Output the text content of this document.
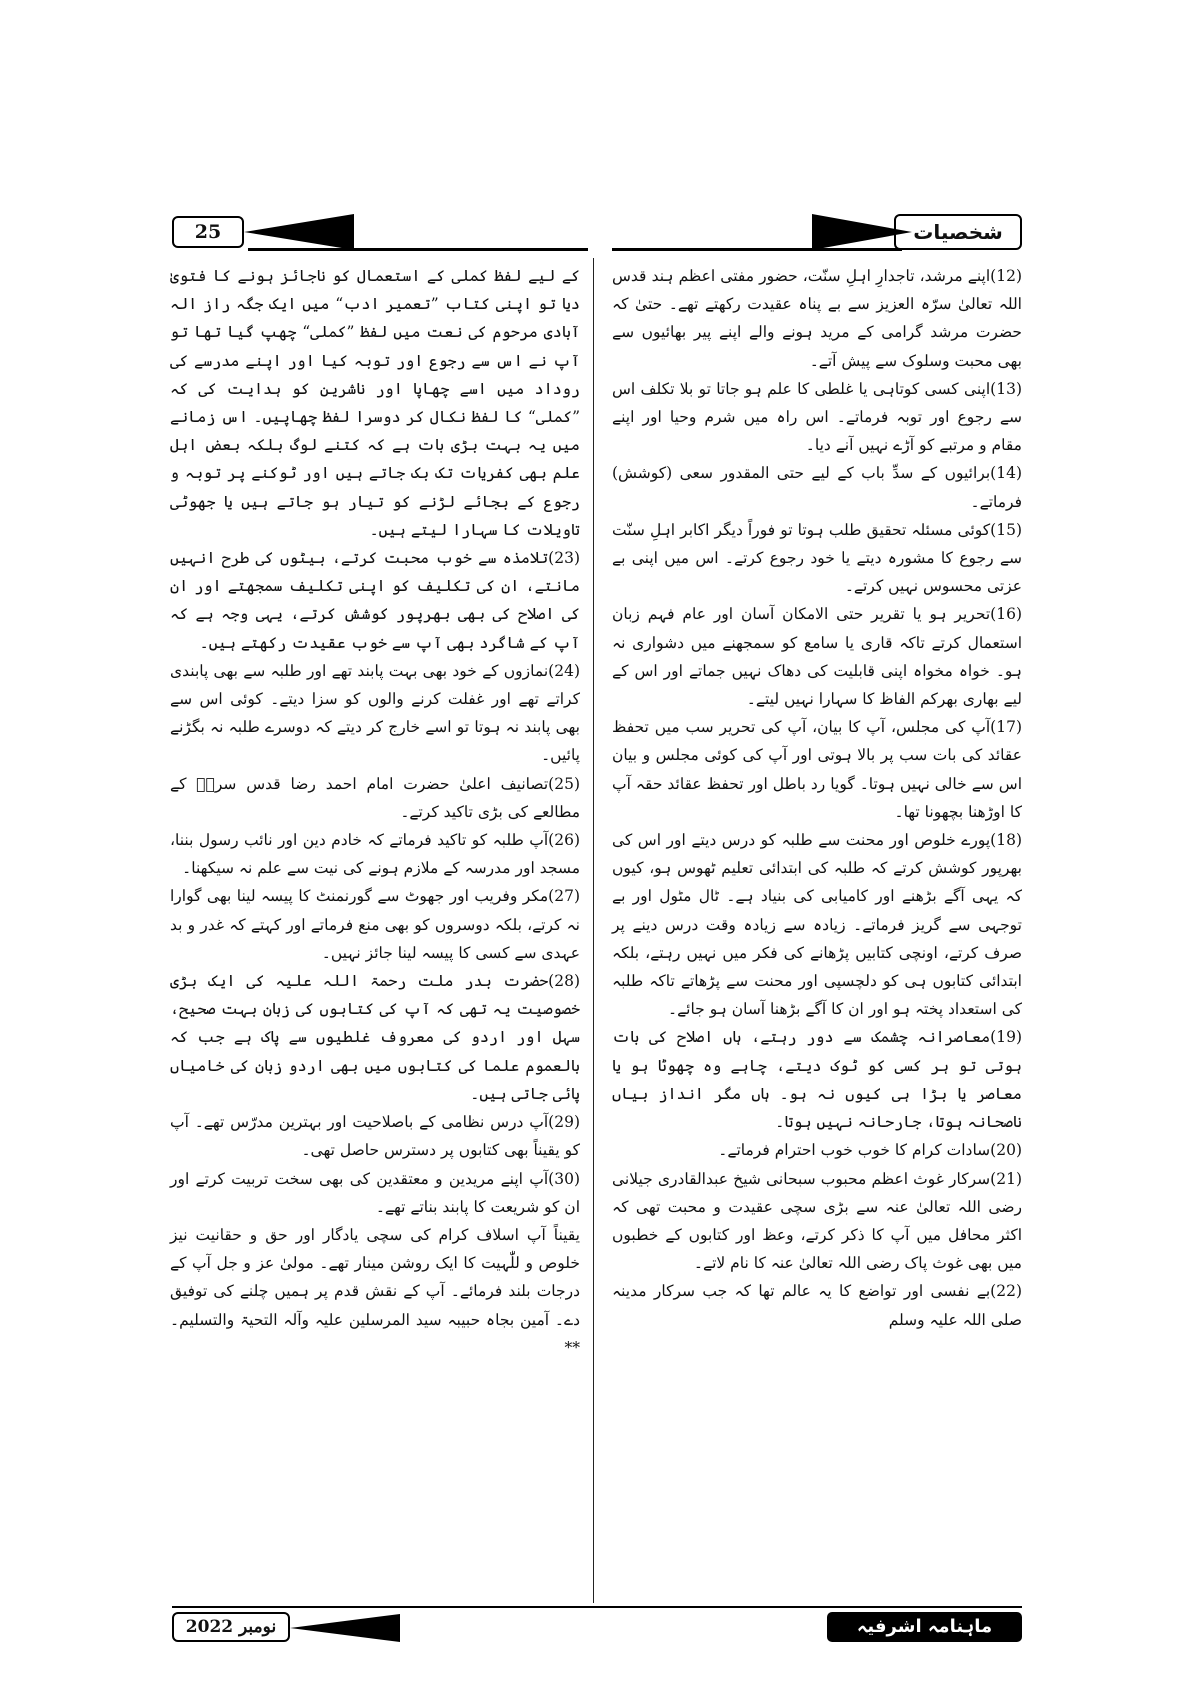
25	شخصیات

(12)اپنے مرشد، تاجدارِ اہلِ سنّت، حضور مفتی اعظم ہند قدس اللہ تعالیٰ سرّہ العزیز سے بے پناہ عقیدت رکھتے تھے۔ حتیٰ کہ حضرت مرشد گرامی کے مرید ہونے والے اپنے پیر بھائیوں سے بھی محبت وسلوک سے پیش آتے۔

(13)اپنی کسی کوتاہی یا غلطی کا علم ہو جاتا تو بلا تکلف اس سے رجوع اور توبہ فرماتے۔ اس راہ میں شرم وحیا اور اپنے مقام و مرتبے کو آڑے نہیں آنے دیا۔

(14)برائیوں کے سدِّ باب کے لیے حتی المقدور سعی (کوشش) فرماتے۔

(15)کوئی مسئلہ تحقیق طلب ہوتا تو فوراً دیگر اکابر اہلِ سنّت سے رجوع کا مشورہ دیتے یا خود رجوع کرتے۔ اس میں اپنی بے عزتی محسوس نہیں کرتے۔

(16)تحریر ہو یا تقریر حتی الامکان آسان اور عام فہم زبان استعمال کرتے تاکہ قاری یا سامع کو سمجھنے میں دشواری نہ ہو۔ خواہ مخواہ اپنی قابلیت کی دھاک نہیں جماتے اور اس کے لیے بھاری بھرکم الفاظ کا سہارا نہیں لیتے۔

(17)آپ کی مجلس، آپ کا بیان، آپ کی تحریر سب میں تحفظ عقائد کی بات سب پر بالا ہوتی اور آپ کی کوئی مجلس و بیان اس سے خالی نہیں ہوتا۔ گویا رد باطل اور تحفظ عقائد حقہ آپ کا اوڑھنا بچھونا تھا۔

(18)پورے خلوص اور محنت سے طلبہ کو درس دیتے اور اس کی بھرپور کوشش کرتے کہ طلبہ کی ابتدائی تعلیم ٹھوس ہو، کیوں کہ یہی آگے بڑھنے اور کامیابی کی بنیاد ہے۔ ٹال مٹول اور بے توجہی سے گریز فرماتے۔ زیادہ سے زیادہ وقت درس دینے پر صرف کرتے، اونچی کتابیں پڑھانے کی فکر میں نہیں رہتے، بلکہ ابتدائی کتابوں ہی کو دلچسپی اور محنت سے پڑھاتے تاکہ طلبہ کی استعداد پختہ ہو اور ان کا آگے بڑھنا آسان ہو جائے۔

(19)معاصرانہ چشمک سے دور رہتے، ہاں اصلاح کی بات ہوتی تو ہر کسی کو ٹوک دیتے، چاہے وہ چھوٹا ہو یا معاصر یا بڑا ہی کیوں نہ ہو۔ ہاں مگر انداز بیاں ناصحانہ ہوتا، جارحانہ نہیں ہوتا۔

(20)سادات کرام کا خوب خوب احترام فرماتے۔

(21)سرکار غوث اعظم محبوب سبحانی شیخ عبدالقادری جیلانی رضی اللہ تعالیٰ عنہ سے بڑی سچی عقیدت و محبت تھی کہ اکثر محافل میں آپ کا ذکر کرتے، وعظ اور کتابوں کے خطبوں میں بھی غوث پاک رضی اللہ تعالیٰ عنہ کا نام لاتے۔

(22)بے نفسی اور تواضع کا یہ عالم تھا کہ جب سرکار مدینہ صلی اللہ علیہ وسلم

کے لیے لفظ کملی کے استعمال کو ناجائز ہونے کا فتویٰ دیا تو اپنی کتاب ”تعمیر ادب“ میں ایک جگہ راز الہ آبادی مرحوم کی نعت میں لفظ ”کملی“ چھپ گیا تھا تو آپ نے اس سے رجوع اور توبہ کیا اور اپنے مدرسے کی روداد میں اسے چھاپا اور ناشرین کو ہدایت کی کہ ”کملی“ کا لفظ نکال کر دوسرا لفظ چھاپیں۔ اس زمانے میں یہ بہت بڑی بات ہے کہ کتنے لوگ بلکہ بعض اہل علم بھی کفریات تک بک جاتے ہیں اور ٹوکنے پر توبہ و رجوع کے بجائے لڑنے کو تیار ہو جاتے ہیں یا جھوٹی تاویلات کا سہارا لیتے ہیں۔

(23)تلامذہ سے خوب محبت کرتے، بیٹوں کی طرح انہیں مانتے، ان کی تکلیف کو اپنی تکلیف سمجھتے اور ان کی اصلاح کی بھی بھرپور کوشش کرتے، یہی وجہ ہے کہ آپ کے شاگرد بھی آپ سے خوب عقیدت رکھتے ہیں۔

(24)نمازوں کے خود بھی بہت پابند تھے اور طلبہ سے بھی پابندی کراتے تھے اور غفلت کرنے والوں کو سزا دیتے۔ کوئی اس سے بھی پابند نہ ہوتا تو اسے خارج کر دیتے کہ دوسرے طلبہ نہ بگڑنے پائیں۔

(25)تصانیف اعلیٰ حضرت امام احمد رضا قدس سرہٗ کے مطالعے کی بڑی تاکید کرتے۔

(26)آپ طلبہ کو تاکید فرماتے کہ خادم دین اور نائب رسول بننا، مسجد اور مدرسہ کے ملازم ہونے کی نیت سے علم نہ سیکھنا۔

(27)مکر وفریب اور جھوٹ سے گورنمنٹ کا پیسہ لینا بھی گوارا نہ کرتے، بلکہ دوسروں کو بھی منع فرماتے اور کہتے کہ غدر و بد عہدی سے کسی کا پیسہ لینا جائز نہیں۔

(28)حضرت بدر ملت رحمۃ اللہ علیہ کی ایک بڑی خصوصیت یہ تھی کہ آپ کی کتابوں کی زبان بہت صحیح، سہل اور اردو کی معروف غلطیوں سے پاک ہے جب کہ بالعموم علما کی کتابوں میں بھی اردو زبان کی خامیاں پائی جاتی ہیں۔

(29)آپ درس نظامی کے باصلاحیت اور بہترین مدرّس تھے۔ آپ کو یقیناً بھی کتابوں پر دسترس حاصل تھی۔

(30)آپ اپنے مریدین و معتقدین کی بھی سخت تربیت کرتے اور ان کو شریعت کا پابند بناتے تھے۔

یقیناً آپ اسلاف کرام کی سچی یادگار اور حق و حقانیت نیز خلوص و للّٰہیت کا ایک روشن مینار تھے۔ مولیٰ عز و جل آپ کے درجات بلند فرمائے۔ آپ کے نقش قدم پر ہمیں چلنے کی توفیق دے۔ آمین بجاہ حبیبہ سید المرسلین علیہ وآلہ التحیۃ والتسلیم۔ **

نومبر 2022	ماہنامہ اشرفیہ
